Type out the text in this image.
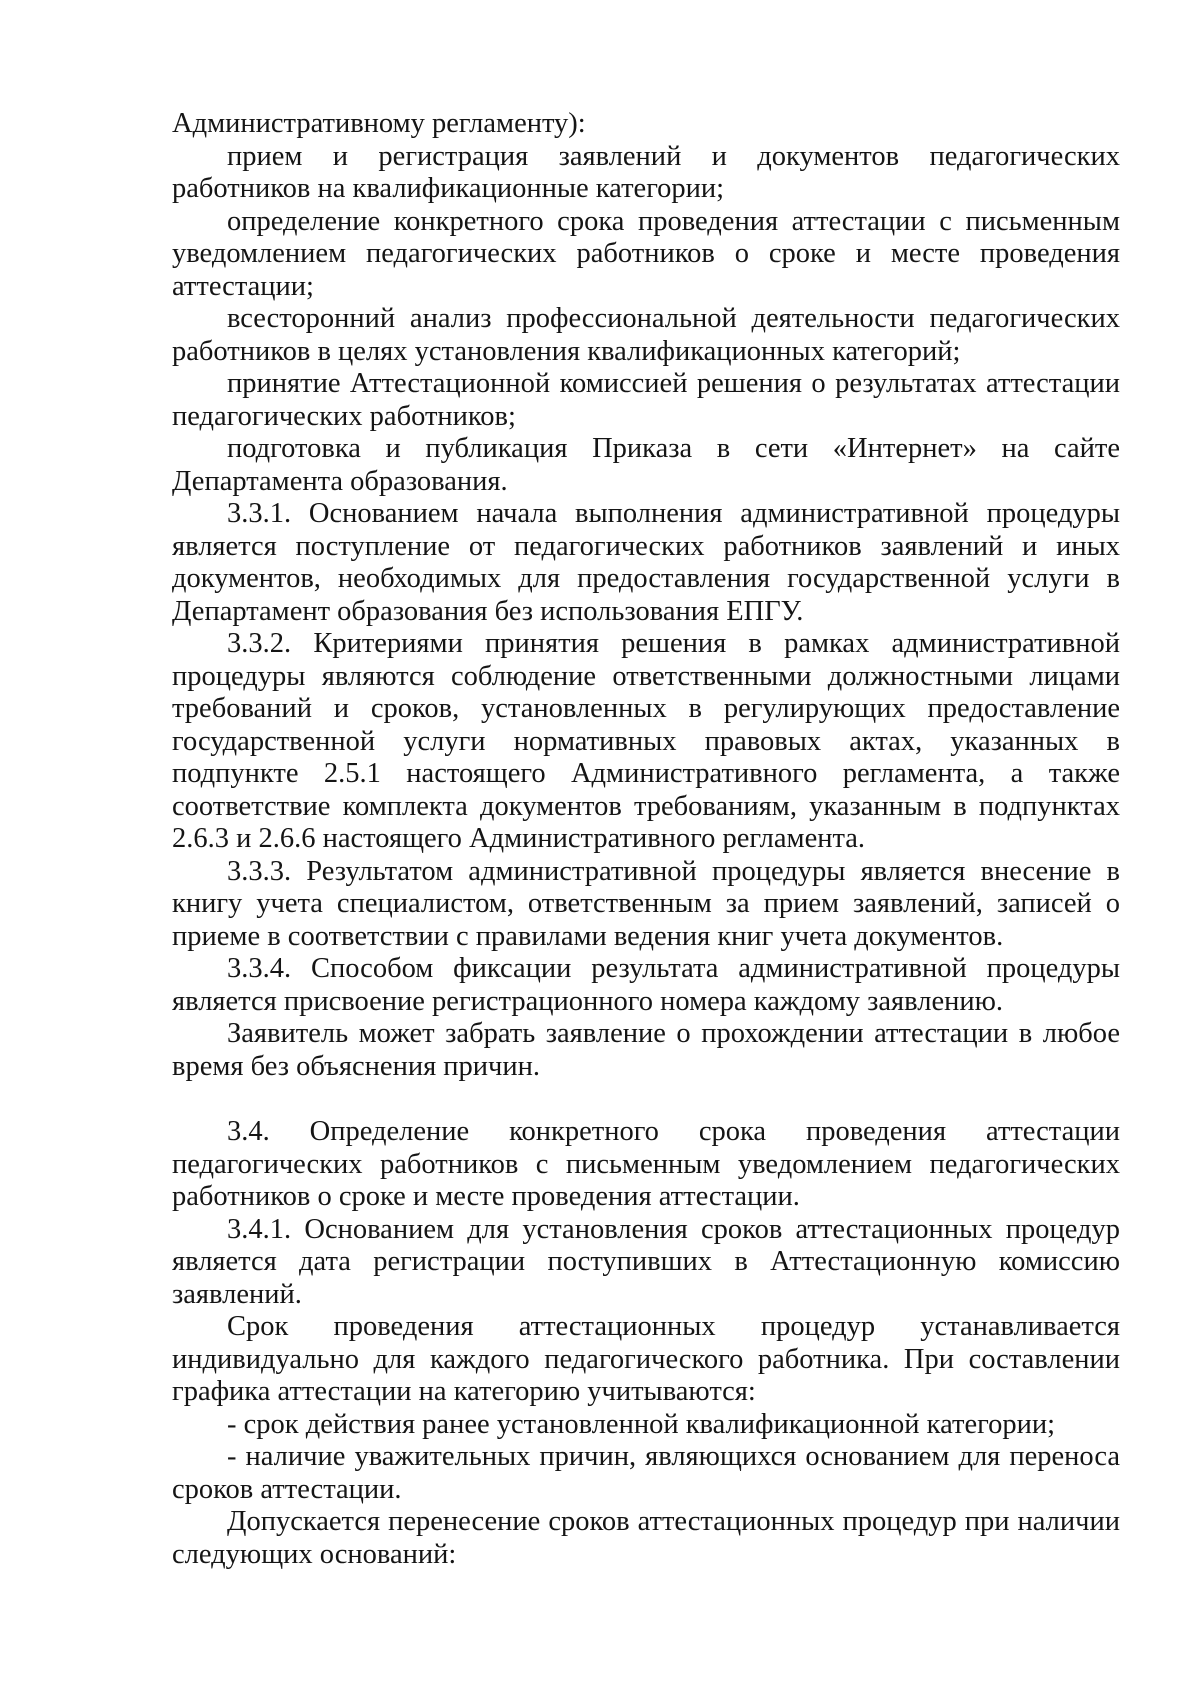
Административному регламенту):

прием и регистрация заявлений и документов педагогических работников на квалификационные категории;

определение конкретного срока проведения аттестации с письменным уведомлением педагогических работников о сроке и месте проведения аттестации;

всесторонний анализ профессиональной деятельности педагогических работников в целях установления квалификационных категорий;

принятие Аттестационной комиссией решения о результатах аттестации педагогических работников;

подготовка и публикация Приказа в сети «Интернет» на сайте Департамента образования.

3.3.1. Основанием начала выполнения административной процедуры является поступление от педагогических работников заявлений и иных документов, необходимых для предоставления государственной услуги в Департамент образования без использования ЕПГУ.

3.3.2. Критериями принятия решения в рамках административной процедуры являются соблюдение ответственными должностными лицами требований и сроков, установленных в регулирующих предоставление государственной услуги нормативных правовых актах, указанных в подпункте 2.5.1 настоящего Административного регламента, а также соответствие комплекта документов требованиям, указанным в подпунктах 2.6.3 и 2.6.6 настоящего Административного регламента.

3.3.3. Результатом административной процедуры является внесение в книгу учета специалистом, ответственным за прием заявлений, записей о приеме в соответствии с правилами ведения книг учета документов.

3.3.4. Способом фиксации результата административной процедуры является присвоение регистрационного номера каждому заявлению.

Заявитель может забрать заявление о прохождении аттестации в любое время без объяснения причин.

3.4. Определение конкретного срока проведения аттестации педагогических работников с письменным уведомлением педагогических работников о сроке и месте проведения аттестации.

3.4.1. Основанием для установления сроков аттестационных процедур является дата регистрации поступивших в Аттестационную комиссию заявлений.

Срок проведения аттестационных процедур устанавливается индивидуально для каждого педагогического работника. При составлении графика аттестации на категорию учитываются:

- срок действия ранее установленной квалификационной категории;

- наличие уважительных причин, являющихся основанием для переноса сроков аттестации.

Допускается перенесение сроков аттестационных процедур при наличии следующих оснований:
